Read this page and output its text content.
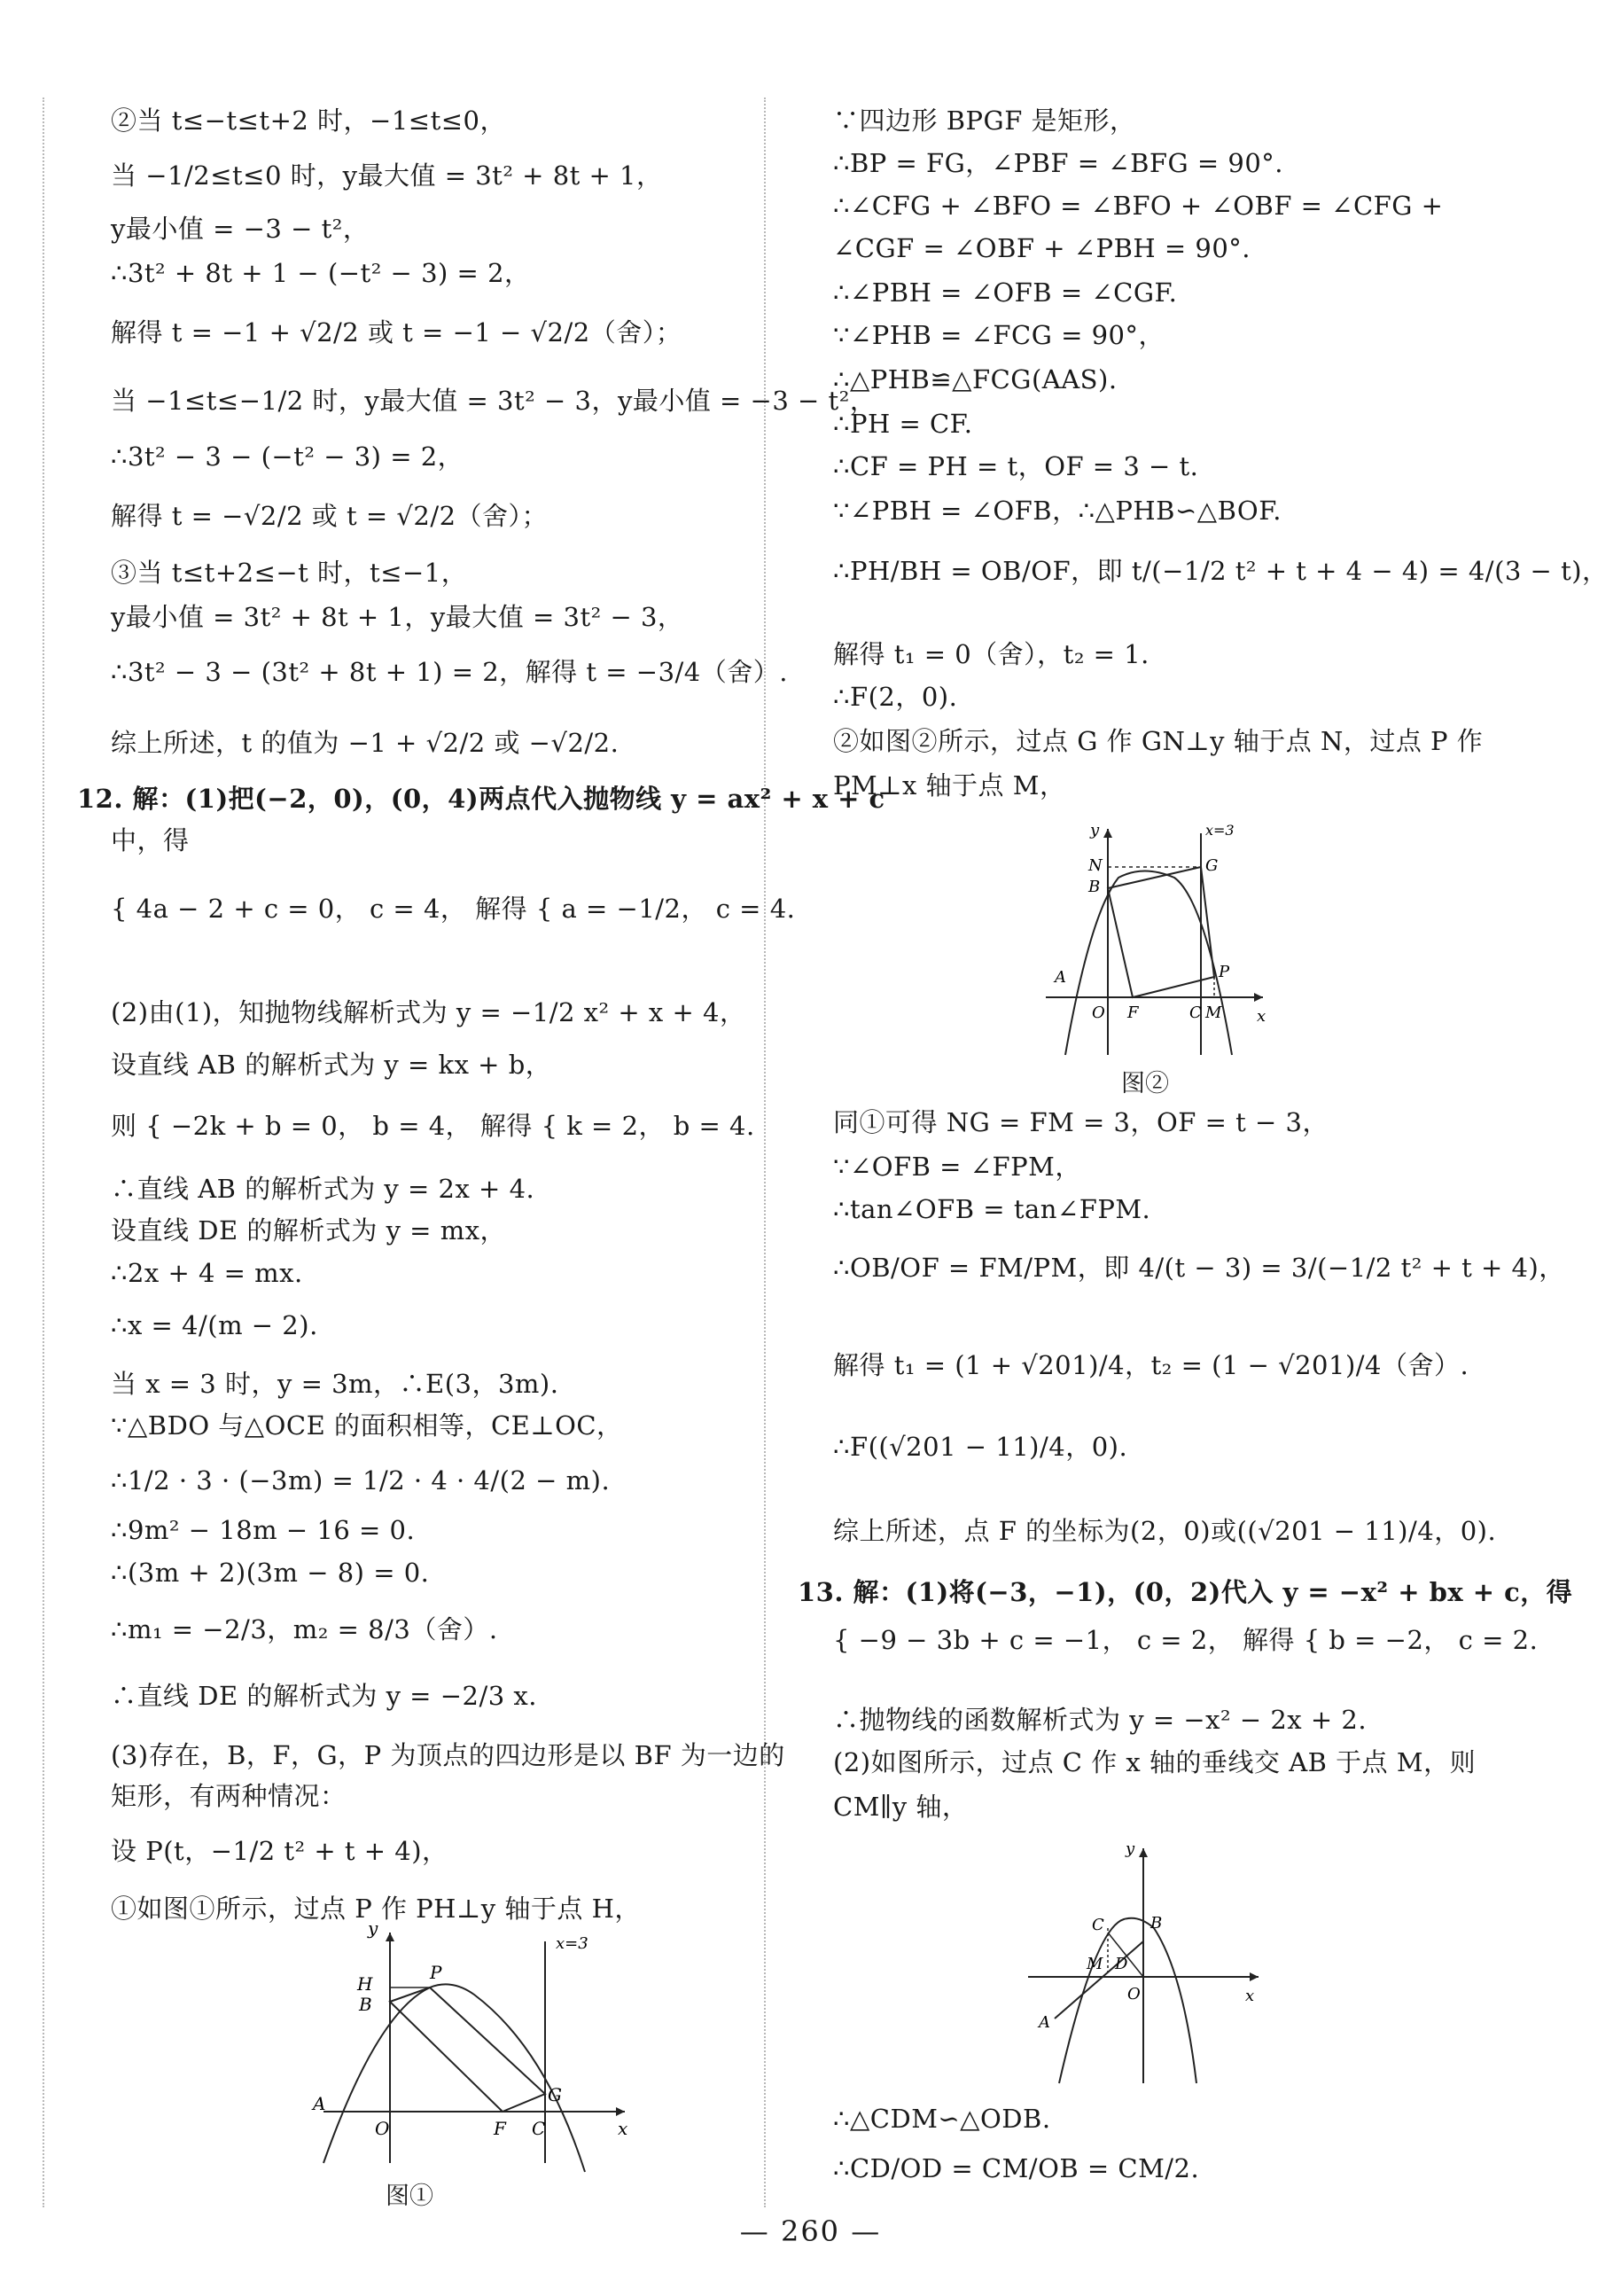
②当 t≤−t≤t+2 时，−1≤t≤0，
当 −1/2≤t≤0 时，y最大值 = 3t² + 8t + 1，
y最小值 = −3 − t²，
∴3t² + 8t + 1 − (−t² − 3) = 2，
解得 t = −1 + √2/2 或 t = −1 − √2/2（舍）；
当 −1≤t≤−1/2 时，y最大值 = 3t² − 3，y最小值 = −3 − t²，
∴3t² − 3 − (−t² − 3) = 2，
解得 t = −√2/2 或 t = √2/2（舍）；
③当 t≤t+2≤−t 时，t≤−1，
y最小值 = 3t² + 8t + 1，y最大值 = 3t² − 3，
∴3t² − 3 − (3t² + 8t + 1) = 2，解得 t = −3/4（舍）.
综上所述，t 的值为 −1 + √2/2 或 −√2/2.
12. 解：(1)把(−2，0)，(0，4)两点代入抛物线 y = ax² + x + c
中，得
{ 4a − 2 + c = 0， c = 4， 解得 { a = −1/2， c = 4.
(2)由(1)，知抛物线解析式为 y = −1/2 x² + x + 4，
设直线 AB 的解析式为 y = kx + b，
则 { −2k + b = 0， b = 4， 解得 { k = 2， b = 4.
∴直线 AB 的解析式为 y = 2x + 4.
设直线 DE 的解析式为 y = mx，
∴2x + 4 = mx.
∴x = 4/(m − 2).
当 x = 3 时，y = 3m，∴E(3，3m).
∵△BDO 与△OCE 的面积相等，CE⊥OC，
∴1/2 · 3 · (−3m) = 1/2 · 4 · 4/(2 − m).
∴9m² − 18m − 16 = 0.
∴(3m + 2)(3m − 8) = 0.
∴m₁ = −2/3，m₂ = 8/3（舍）.
∴直线 DE 的解析式为 y = −2/3 x.
(3)存在，B，F，G，P 为顶点的四边形是以 BF 为一边的
矩形，有两种情况：
设 P(t，−1/2 t² + t + 4)，
①如图①所示，过点 P 作 PH⊥y 轴于点 H，
y
x
H
P
B
A
O	F C
G
x=3
图①
∵四边形 BPGF 是矩形，
∴BP = FG，∠PBF = ∠BFG = 90°.
∴∠CFG + ∠BFO = ∠BFO + ∠OBF = ∠CFG +
∠CGF = ∠OBF + ∠PBH = 90°.
∴∠PBH = ∠OFB = ∠CGF.
∵∠PHB = ∠FCG = 90°，
∴△PHB≌△FCG(AAS).
∴PH = CF.
∴CF = PH = t，OF = 3 − t.
∵∠PBH = ∠OFB，∴△PHB∽△BOF.
∴PH/BH = OB/OF，即 t/(−1/2 t² + t + 4 − 4) = 4/(3 − t)，
解得 t₁ = 0（舍），t₂ = 1.
∴F(2，0).
②如图②所示，过点 G 作 GN⊥y 轴于点 N，过点 P 作
PM⊥x 轴于点 M，
y
x
N
B
G
A
O F	C M
P
x=3
图②
同①可得 NG = FM = 3，OF = t − 3，
∵∠OFB = ∠FPM，
∴tan∠OFB = tan∠FPM.
∴OB/OF = FM/PM，即 4/(t − 3) = 3/(−1/2 t² + t + 4)，
解得 t₁ = (1 + √201)/4，t₂ = (1 − √201)/4（舍）.
∴F((√201 − 11)/4，0).
综上所述，点 F 的坐标为(2，0)或((√201 − 11)/4，0).
13. 解：(1)将(−3，−1)，(0，2)代入 y = −x² + bx + c，得
{ −9 − 3b + c = −1， c = 2， 解得 { b = −2， c = 2.
∴抛物线的函数解析式为 y = −x² − 2x + 2.
(2)如图所示，过点 C 作 x 轴的垂线交 AB 于点 M，则
CM∥y 轴，
y
x
C	B
M D
A
O
∴△CDM∽△ODB.
∴CD/OD = CM/OB = CM/2.
— 260 —
